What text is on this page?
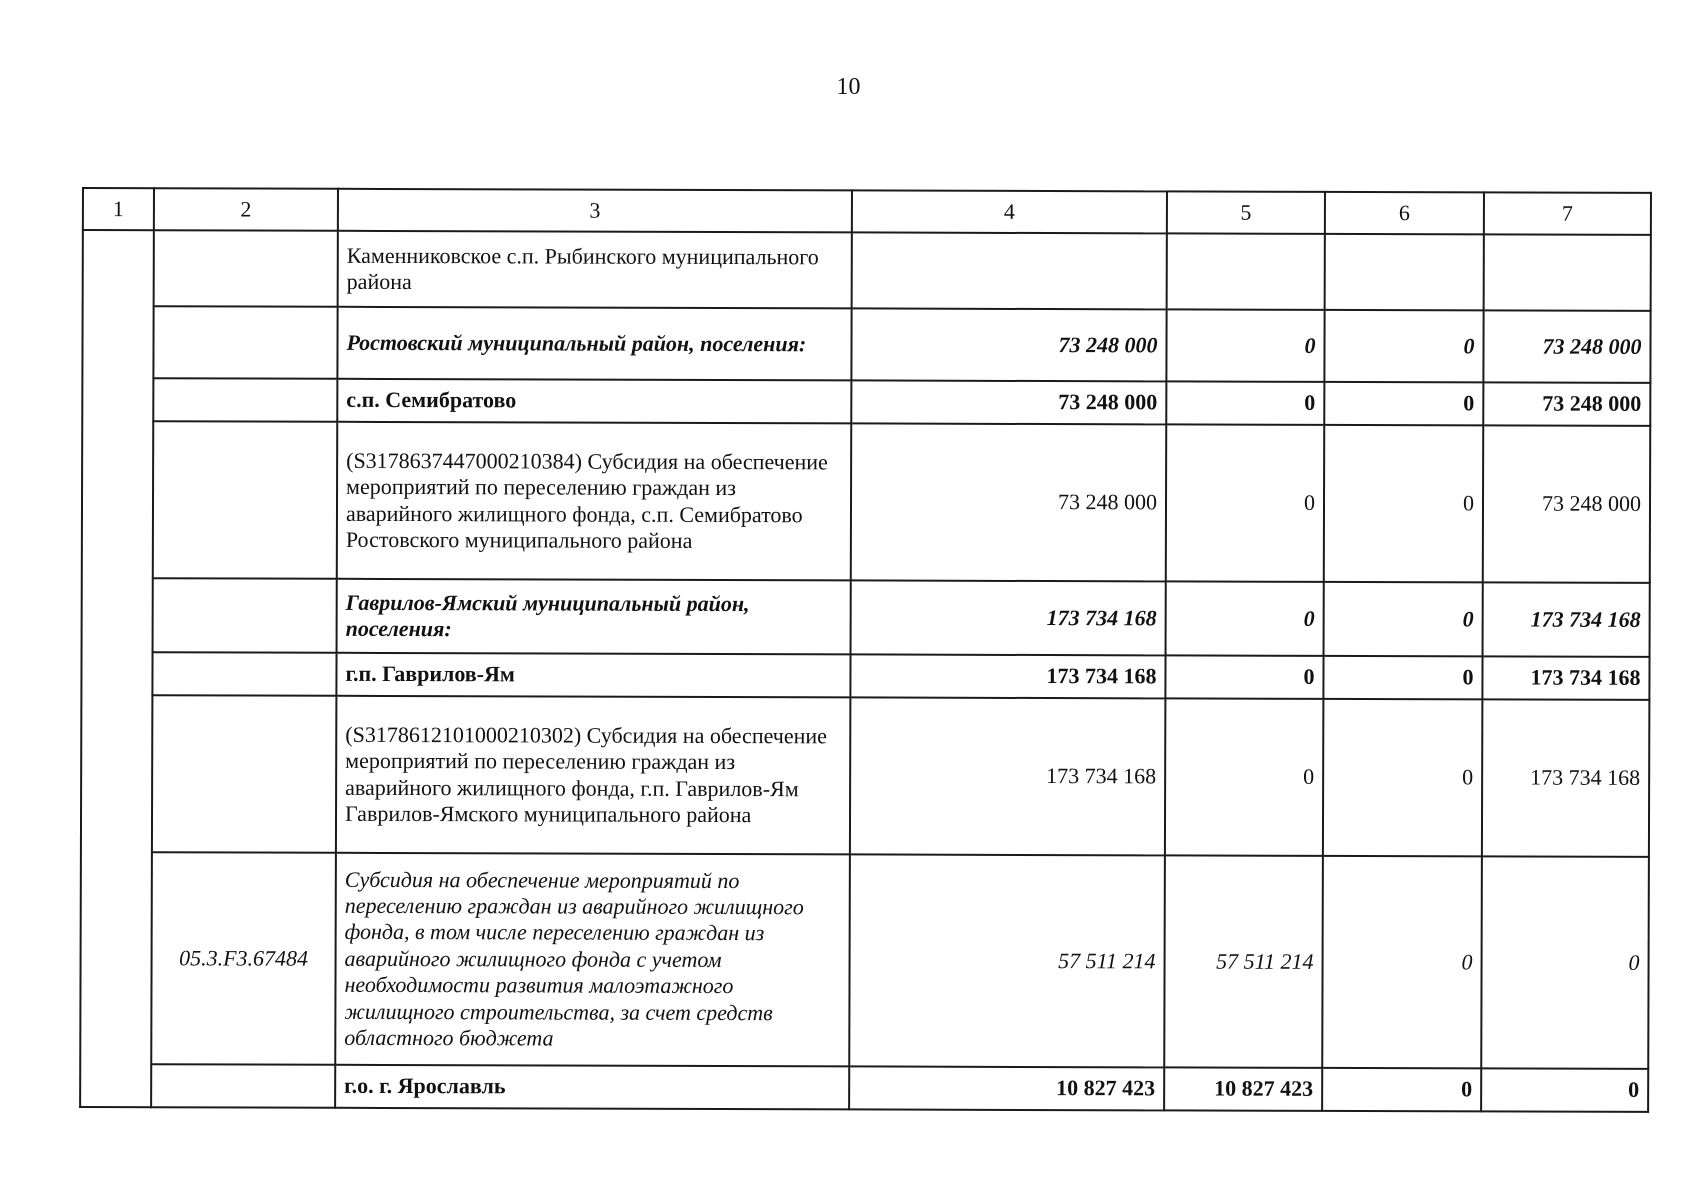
10
1	2	3	4	5	6	7
		Каменниковское с.п. Рыбинского муниципального района				
		Ростовский муниципальный район, поселения:	73 248 000	0	0	73 248 000
		с.п. Семибратово	73 248 000	0	0	73 248 000
		(S3178637447000210384) Субсидия на обеспечение мероприятий по переселению граждан из аварийного жилищного фонда, с.п. Семибратово Ростовского муниципального района	73 248 000	0	0	73 248 000
		Гаврилов-Ямский муниципальный район, поселения:	173 734 168	0	0	173 734 168
		г.п. Гаврилов-Ям	173 734 168	0	0	173 734 168
		(S3178612101000210302) Субсидия на обеспечение мероприятий по переселению граждан из аварийного жилищного фонда, г.п. Гаврилов-Ям Гаврилов-Ямского муниципального района	173 734 168	0	0	173 734 168
	05.3.F3.67484	Субсидия на обеспечение мероприятий по переселению граждан из аварийного жилищного фонда, в том числе переселению граждан из аварийного жилищного фонда с учетом необходимости развития малоэтажного жилищного строительства, за счет средств областного бюджета	57 511 214	57 511 214	0	0
		г.о. г. Ярославль	10 827 423	10 827 423	0	0
